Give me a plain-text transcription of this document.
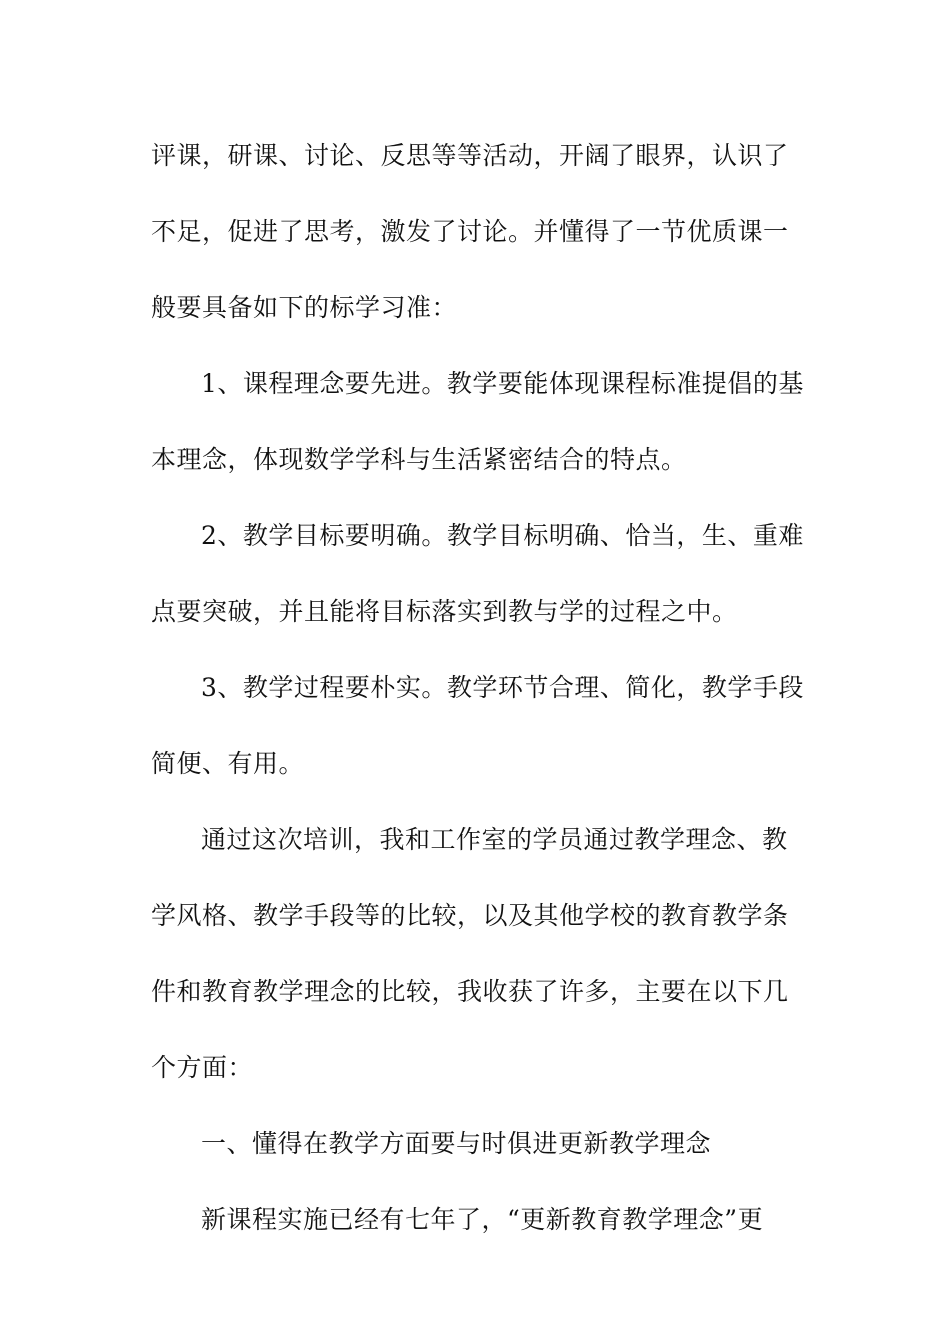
评课，研课、讨论、反思等等活动，开阔了眼界，认识了
不足，促进了思考，激发了讨论。并懂得了一节优质课一
般要具备如下的标学习准：
1、课程理念要先进。教学要能体现课程标准提倡的基
本理念，体现数学学科与生活紧密结合的特点。
2、教学目标要明确。教学目标明确、恰当，生、重难
点要突破，并且能将目标落实到教与学的过程之中。
3、教学过程要朴实。教学环节合理、简化，教学手段
简便、有用。
通过这次培训，我和工作室的学员通过教学理念、教
学风格、教学手段等的比较，以及其他学校的教育教学条
件和教育教学理念的比较，我收获了许多，主要在以下几
个方面：
一、懂得在教学方面要与时俱进更新教学理念
新课程实施已经有七年了，“更新教育教学理念”更
